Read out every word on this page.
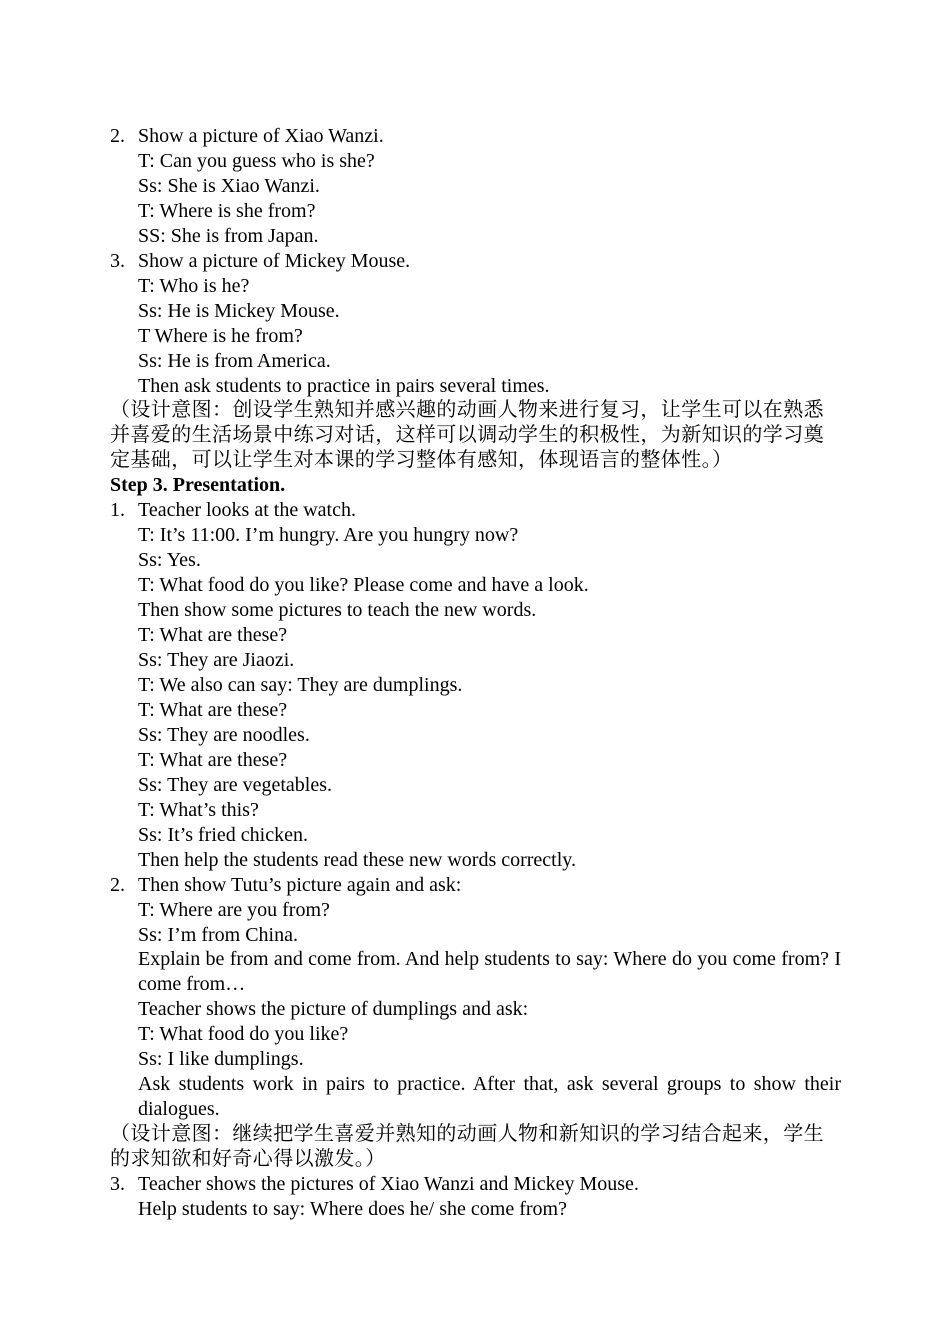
2. Show a picture of Xiao Wanzi.

T: Can you guess who is she?

Ss: She is Xiao Wanzi.

T: Where is she from?

SS: She is from Japan.

3. Show a picture of Mickey Mouse.

T: Who is he?

Ss: He is Mickey Mouse.

T Where is he from?

Ss: He is from America.

Then ask students to practice in pairs several times.

（设计意图：创设学生熟知并感兴趣的动画人物来进行复习，让学生可以在熟悉并喜爱的生活场景中练习对话，这样可以调动学生的积极性，为新知识的学习奠定基础，可以让学生对本课的学习整体有感知，体现语言的整体性。）

Step 3. Presentation.

1. Teacher looks at the watch.

T: It’s 11:00. I’m hungry. Are you hungry now?

Ss: Yes.

T: What food do you like? Please come and have a look.

Then show some pictures to teach the new words.

T: What are these?

Ss: They are Jiaozi.

T: We also can say: They are dumplings.

T: What are these?

Ss: They are noodles.

T: What are these?

Ss: They are vegetables.

T: What’s this?

Ss: It’s fried chicken.

Then help the students read these new words correctly.

2. Then show Tutu’s picture again and ask:

T: Where are you from?

Ss: I’m from China.

Explain be from and come from. And help students to say: Where do you come from? I come from…

Teacher shows the picture of dumplings and ask:

T: What food do you like?

Ss: I like dumplings.

Ask students work in pairs to practice. After that, ask several groups to show their dialogues.

（设计意图：继续把学生喜爱并熟知的动画人物和新知识的学习结合起来，学生的求知欲和好奇心得以激发。）

3. Teacher shows the pictures of Xiao Wanzi and Mickey Mouse.

Help students to say: Where does he/ she come from?
